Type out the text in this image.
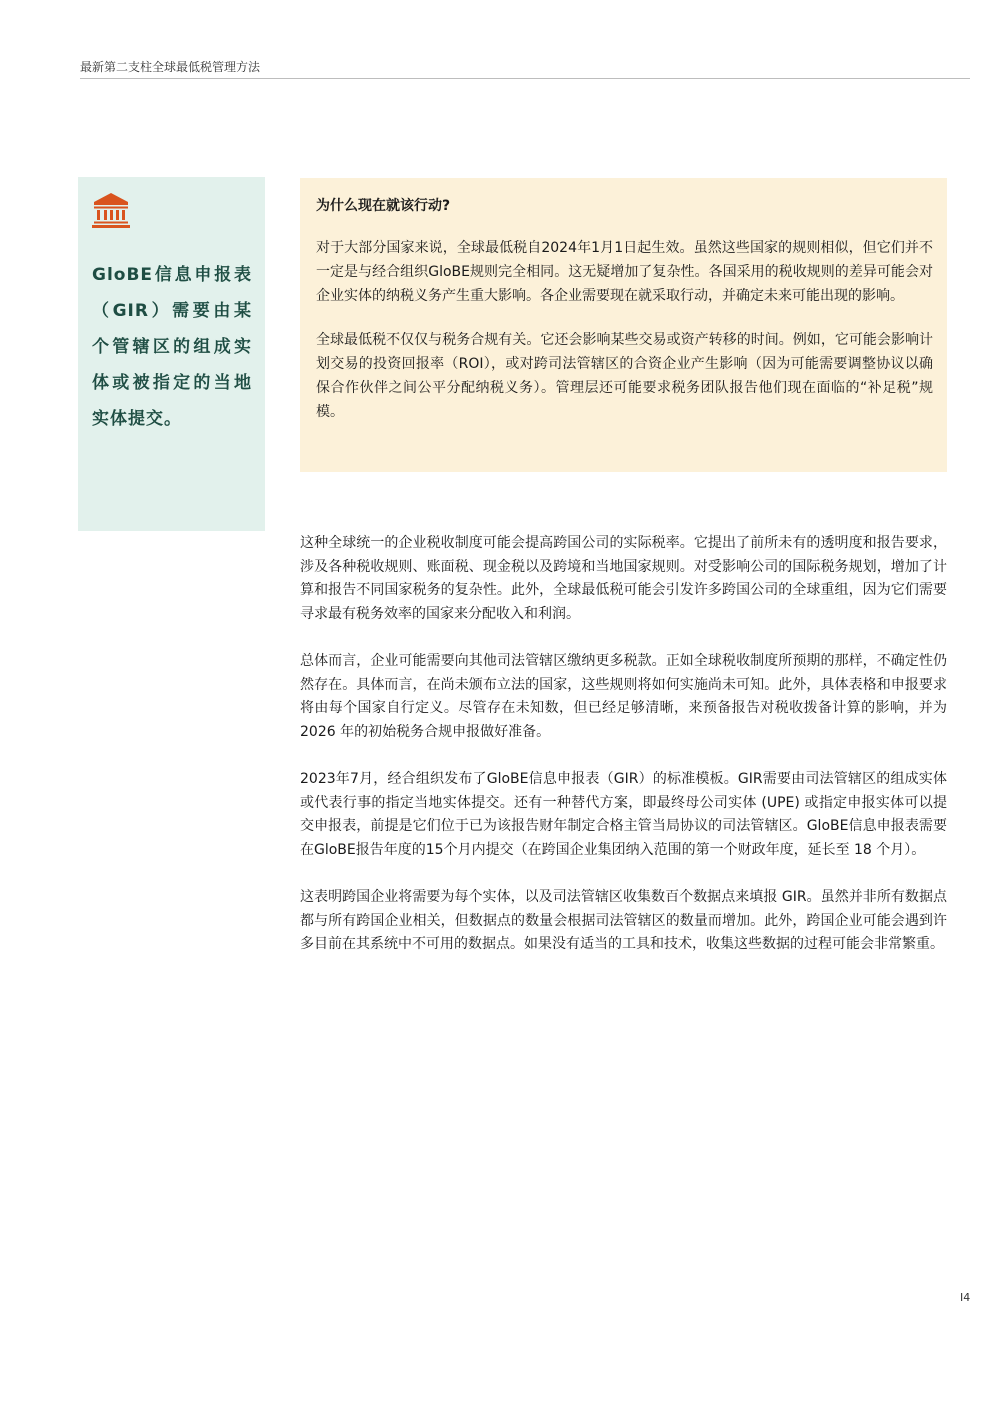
最新第二支柱全球最低税管理方法
GloBE信息申报表（GIR）需要由某个管辖区的组成实体或被指定的当地实体提交。

为什么现在就该行动?

对于大部分国家来说，全球最低税自2024年1月1日起生效。虽然这些国家的规则相似，但它们并不一定是与经合组织GloBE规则完全相同。这无疑增加了复杂性。各国采用的税收规则的差异可能会对企业实体的纳税义务产生重大影响。各企业需要现在就采取行动，并确定未来可能出现的影响。

全球最低税不仅仅与税务合规有关。它还会影响某些交易或资产转移的时间。例如，它可能会影响计划交易的投资回报率（ROI），或对跨司法管辖区的合资企业产生影响（因为可能需要调整协议以确保合作伙伴之间公平分配纳税义务）。管理层还可能要求税务团队报告他们现在面临的“补足税”规模。

这种全球统一的企业税收制度可能会提高跨国公司的实际税率。它提出了前所未有的透明度和报告要求，涉及各种税收规则、账面税、现金税以及跨境和当地国家规则。对受影响公司的国际税务规划，增加了计算和报告不同国家税务的复杂性。此外，全球最低税可能会引发许多跨国公司的全球重组，因为它们需要寻求最有税务效率的国家来分配收入和利润。

总体而言，企业可能需要向其他司法管辖区缴纳更多税款。正如全球税收制度所预期的那样，不确定性仍然存在。具体而言，在尚未颁布立法的国家，这些规则将如何实施尚未可知。此外，具体表格和申报要求将由每个国家自行定义。尽管存在未知数，但已经足够清晰，来预备报告对税收拨备计算的影响，并为 2026 年的初始税务合规申报做好准备。

2023年7月，经合组织发布了GloBE信息申报表（GIR）的标准模板。GIR需要由司法管辖区的组成实体或代表行事的指定当地实体提交。还有一种替代方案，即最终母公司实体 (UPE) 或指定申报实体可以提交申报表，前提是它们位于已为该报告财年制定合格主管当局协议的司法管辖区。GloBE信息申报表需要在GloBE报告年度的15个月内提交（在跨国企业集团纳入范围的第一个财政年度，延长至 18 个月）。

这表明跨国企业将需要为每个实体，以及司法管辖区收集数百个数据点来填报 GIR。虽然并非所有数据点都与所有跨国企业相关，但数据点的数量会根据司法管辖区的数量而增加。此外，跨国企业可能会遇到许多目前在其系统中不可用的数据点。如果没有适当的工具和技术，收集这些数据的过程可能会非常繁重。

I4
